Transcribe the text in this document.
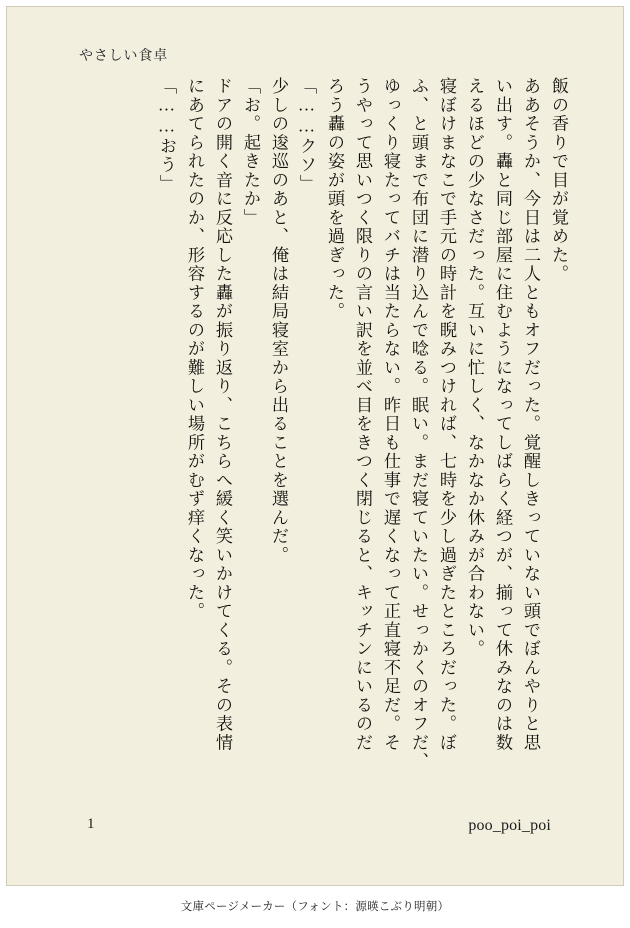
やさしい食卓
飯の香りで目が覚めた。
ああそうか、今日は二人ともオフだった。覚醒しきっていない頭でぼんやりと思
い出す。轟と同じ部屋に住むようになってしばらく経つが、揃って休みなのは数
えるほどの少なさだった。互いに忙しく、なかなか休みが合わない。
寝ぼけまなこで手元の時計を睨みつければ、七時を少し過ぎたところだった。ぼ
ふ、と頭まで布団に潜り込んで唸る。眠い。まだ寝ていたい。せっかくのオフだ、
ゆっくり寝たってバチは当たらない。昨日も仕事で遅くなって正直寝不足だ。そ
うやって思いつく限りの言い訳を並べ目をきつく閉じると、キッチンにいるのだ
ろう轟の姿が頭を過ぎった。
「……クソ」
少しの逡巡のあと、俺は結局寝室から出ることを選んだ。
「お。起きたか」
ドアの開く音に反応した轟が振り返り、こちらへ緩く笑いかけてくる。その表情
にあてられたのか、形容するのが難しい場所がむず痒くなった。
「……おう」
1	poo_poi_poi
文庫ページメーカー（フォント：源暎こぶり明朝）
